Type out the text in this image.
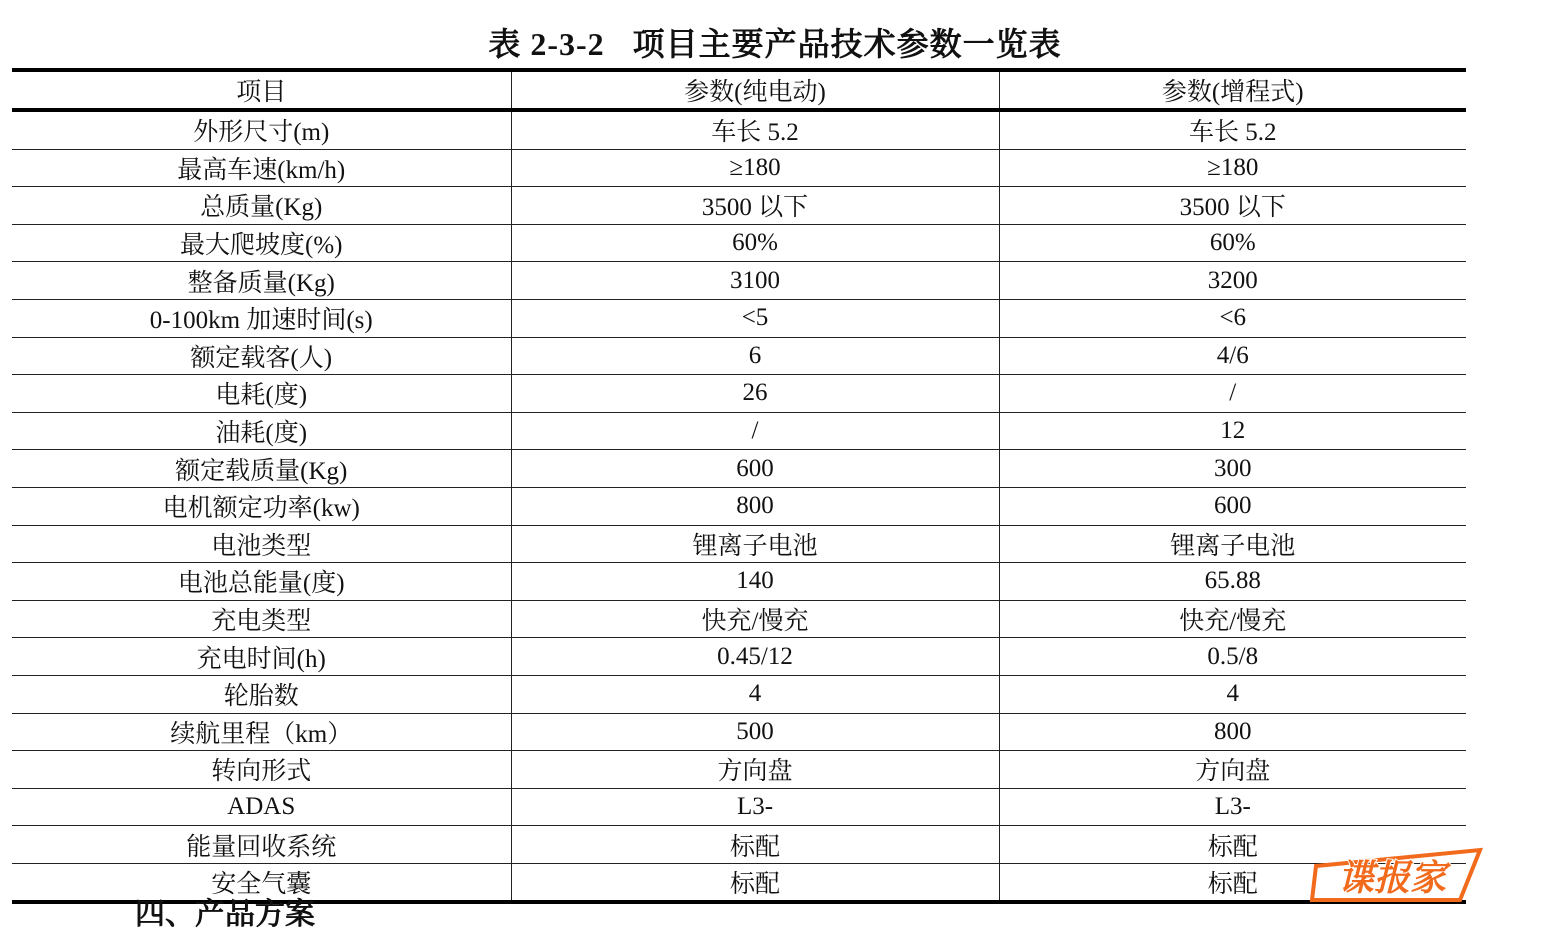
表 2-3-2 项目主要产品技术参数一览表
项目	参数(纯电动)	参数(增程式)
外形尺寸(m)	车长 5.2	车长 5.2
最高车速(km/h)	≥180	≥180
总质量(Kg)	3500 以下	3500 以下
最大爬坡度(%)	60%	60%
整备质量(Kg)	3100	3200
0-100km 加速时间(s)	<5	<6
额定载客(人)	6	4/6
电耗(度)	26	/
油耗(度)	/	12
额定载质量(Kg)	600	300
电机额定功率(kw)	800	600
电池类型	锂离子电池	锂离子电池
电池总能量(度)	140	65.88
充电类型	快充/慢充	快充/慢充
充电时间(h)	0.45/12	0.5/8
轮胎数	4	4
续航里程（km）	500	800
转向形式	方向盘	方向盘
ADAS	L3-	L3-
能量回收系统	标配	标配
安全气囊	标配	标配 谍报家
四、产品方案
